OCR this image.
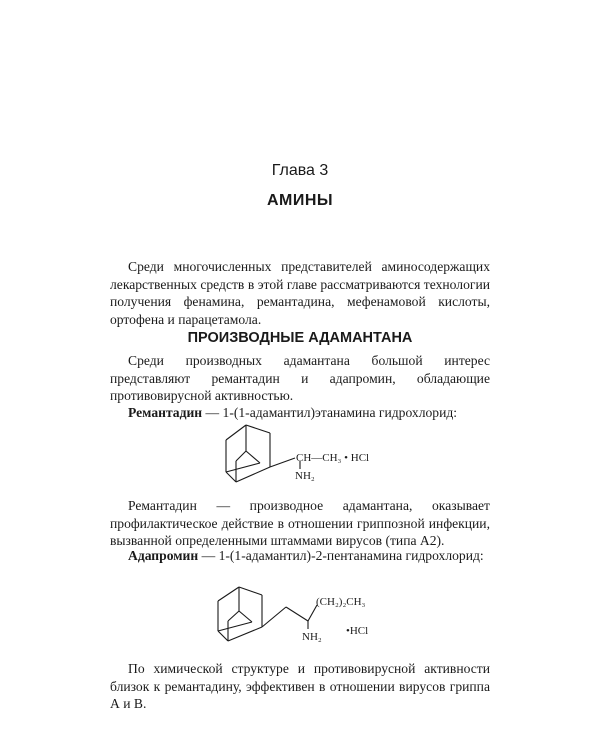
Глава 3
АМИНЫ
Среди многочисленных представителей аминосодержащих лекарственных средств в этой главе рассматриваются технологии получения фенамина, ремантадина, мефенамовой кислоты, ортофена и парацетамола.
ПРОИЗВОДНЫЕ АДАМАНТАНА
Среди производных адамантана большой интерес представляют ремантадин и адапромин, обладающие противовирусной активностью.
Ремантадин — 1-(1-адамантил)этанамина гидрохлорид:
CH—CH₃ • HCl
NH₂
Ремантадин — производное адамантана, оказывает профилактическое действие в отношении гриппозной инфекции, вызванной определенными штаммами вирусов (типа А2).
Адапромин — 1-(1-адамантил)-2-пентанамина гидрохлорид:
(CH₂)₂CH₃
NH₂ •HCl
По химической структуре и противовирусной активности близок к ремантадину, эффективен в отношении вирусов гриппа А и В.
